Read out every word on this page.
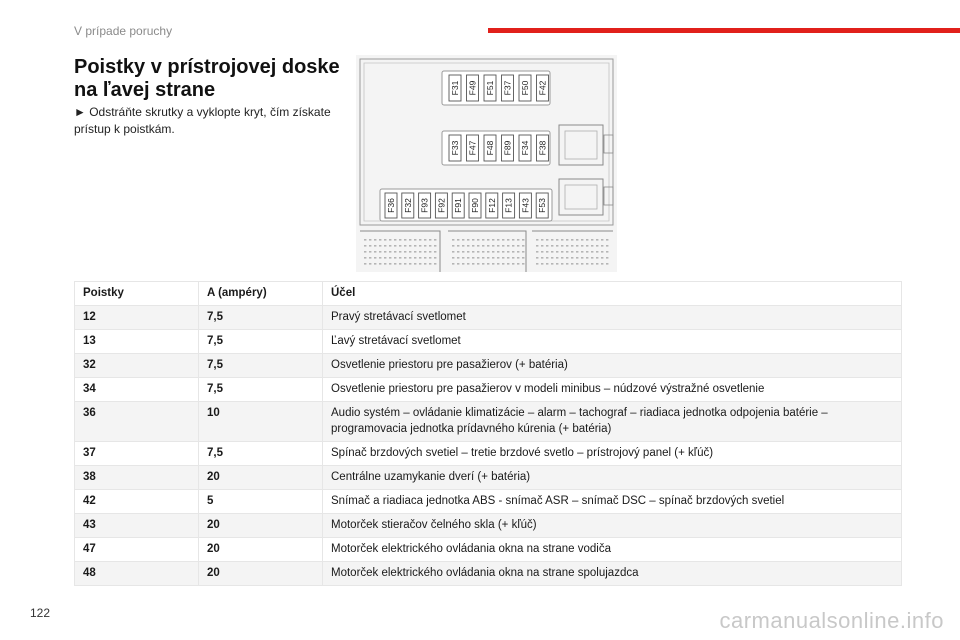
V prípade poruchy
Poistky v prístrojovej doske na ľavej strane
► Odstráňte skrutky a vyklopte kryt, čím získate prístup k poistkám.
F31 F49 F51 F37 F50 F42
F33 F47 F48 F89 F34 F38
F36 F32 F93 F92 F91 F90 F12 F13 F43 F53
Poistky	A (ampéry)	Účel
12	7,5	Pravý stretávací svetlomet
13	7,5	Ľavý stretávací svetlomet
32	7,5	Osvetlenie priestoru pre pasažierov (+ batéria)
34	7,5	Osvetlenie priestoru pre pasažierov v modeli minibus – núdzové výstražné osvetlenie
36	10	Audio systém – ovládanie klimatizácie – alarm – tachograf – riadiaca jednotka odpojenia batérie – programovacia jednotka prídavného kúrenia (+ batéria)
37	7,5	Spínač brzdových svetiel – tretie brzdové svetlo – prístrojový panel (+ kľúč)
38	20	Centrálne uzamykanie dverí (+ batéria)
42	5	Snímač a riadiaca jednotka ABS - snímač ASR – snímač DSC – spínač brzdových svetiel
43	20	Motorček stieračov čelného skla (+ kľúč)
47	20	Motorček elektrického ovládania okna na strane vodiča
48	20	Motorček elektrického ovládania okna na strane spolujazdca
122	carmanualsonline.info
